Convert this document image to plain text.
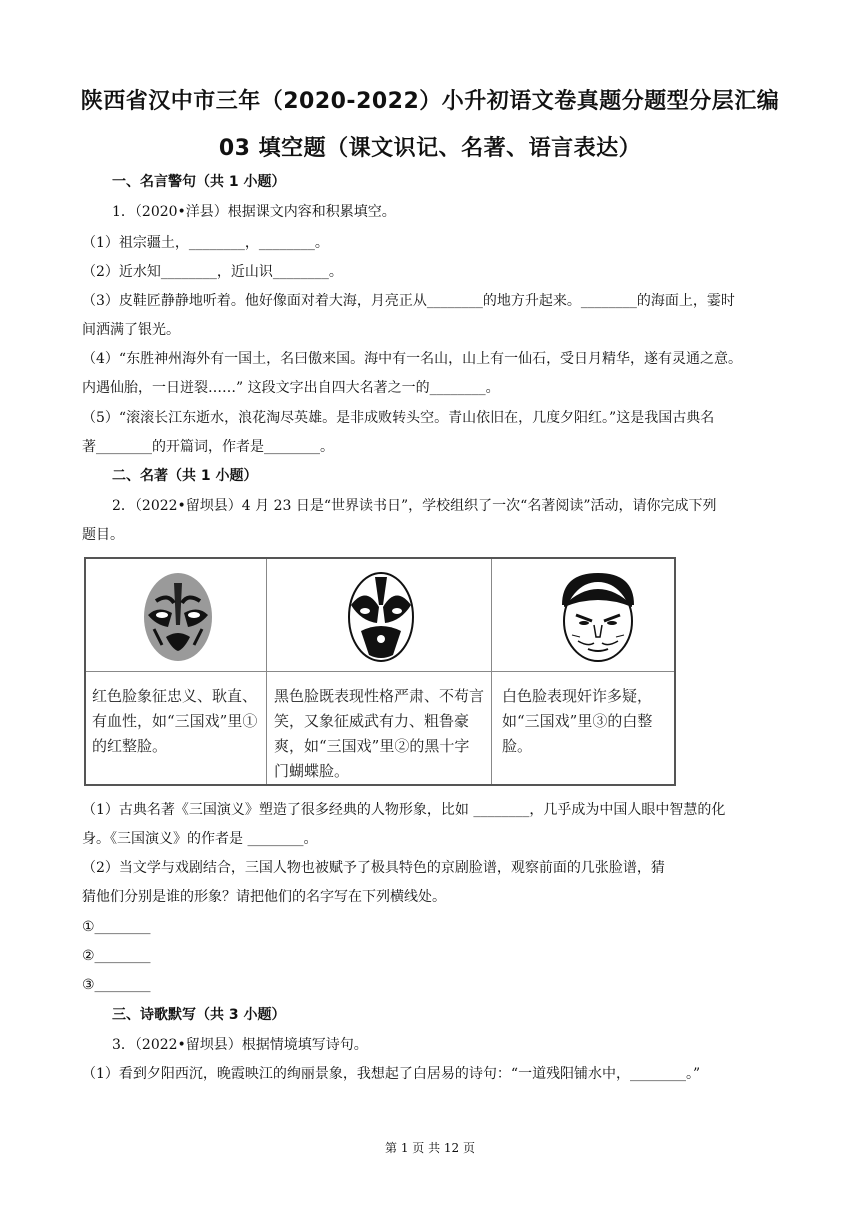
陕西省汉中市三年（2020-2022）小升初语文卷真题分题型分层汇编
03 填空题（课文识记、名著、语言表达）
一、名言警句（共 1 小题）
1．（2020•洋县）根据课文内容和积累填空。
（1）祖宗疆土，________，________。
（2）近水知________，近山识________。
（3）皮鞋匠静静地听着。他好像面对着大海，月亮正从________的地方升起来。________的海面上，霎时
间洒满了银光。
（4）“东胜神州海外有一国土，名曰傲来国。海中有一名山，山上有一仙石，受日月精华，遂有灵通之意。
内遇仙胎，一日迸裂……” 这段文字出自四大名著之一的________。
（5）“滚滚长江东逝水，浪花淘尽英雄。是非成败转头空。青山依旧在，几度夕阳红。”这是我国古典名
著________的开篇词，作者是________。
二、名著（共 1 小题）
2．（2022•留坝县）4 月 23 日是“世界读书日”，学校组织了一次“名著阅读”活动，请你完成下列
题目。
红色脸象征忠义、耿直、有血性，如“三国戏”里①的红整脸。
黑色脸既表现性格严肃、不苟言笑，又象征威武有力、粗鲁豪爽，如“三国戏”里②的黑十字门蝴蝶脸。
白色脸表现奸诈多疑，如“三国戏”里③的白整脸。
（1）古典名著《三国演义》塑造了很多经典的人物形象，比如 ________，几乎成为中国人眼中智慧的化
身。《三国演义》的作者是 ________。
（2）当文学与戏剧结合，三国人物也被赋予了极具特色的京剧脸谱，观察前面的几张脸谱，猜
猜他们分别是谁的形象？请把他们的名字写在下列横线处。
①________
②________
③________
三、诗歌默写（共 3 小题）
3．（2022•留坝县）根据情境填写诗句。
（1）看到夕阳西沉，晚霞映江的绚丽景象，我想起了白居易的诗句：“一道残阳铺水中，________。”
第 1 页 共 12 页
